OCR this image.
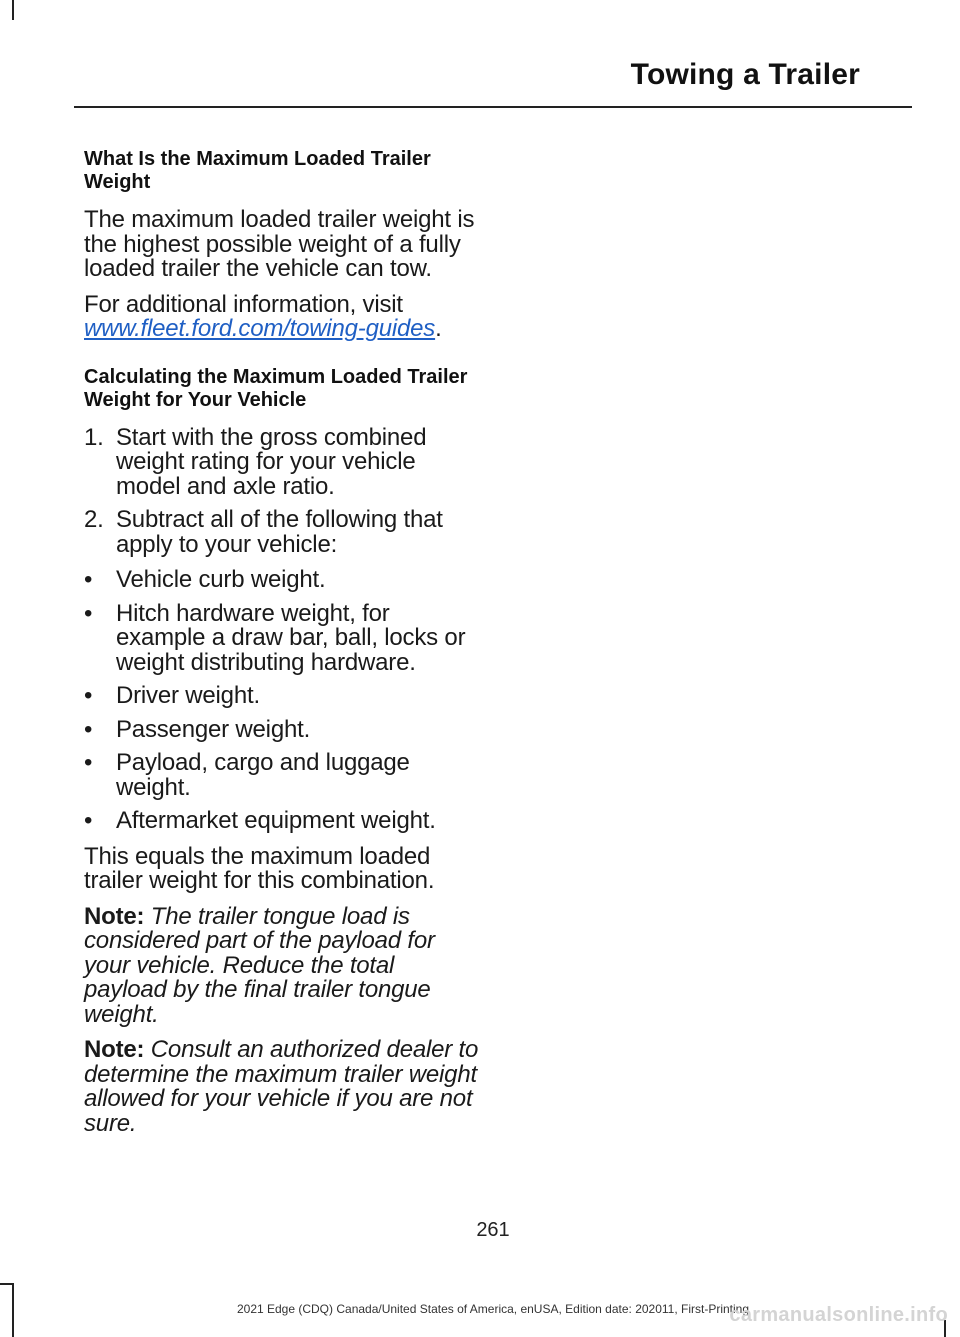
Towing a Trailer
What Is the Maximum Loaded Trailer Weight

The maximum loaded trailer weight is the highest possible weight of a fully loaded trailer the vehicle can tow.

For additional information, visit www.fleet.ford.com/towing-guides.

Calculating the Maximum Loaded Trailer Weight for Your Vehicle
1. Start with the gross combined weight rating for your vehicle model and axle ratio.
2. Subtract all of the following that apply to your vehicle:
• Vehicle curb weight.
• Hitch hardware weight, for example a draw bar, ball, locks or weight distributing hardware.
• Driver weight.
• Passenger weight.
• Payload, cargo and luggage weight.
• Aftermarket equipment weight.

This equals the maximum loaded trailer weight for this combination.

Note: The trailer tongue load is considered part of the payload for your vehicle. Reduce the total payload by the final trailer tongue weight.

Note: Consult an authorized dealer to determine the maximum trailer weight allowed for your vehicle if you are not sure.

261
2021 Edge (CDQ) Canada/United States of America, enUSA, Edition date: 202011, First-Printing
carmanualsonline.info
